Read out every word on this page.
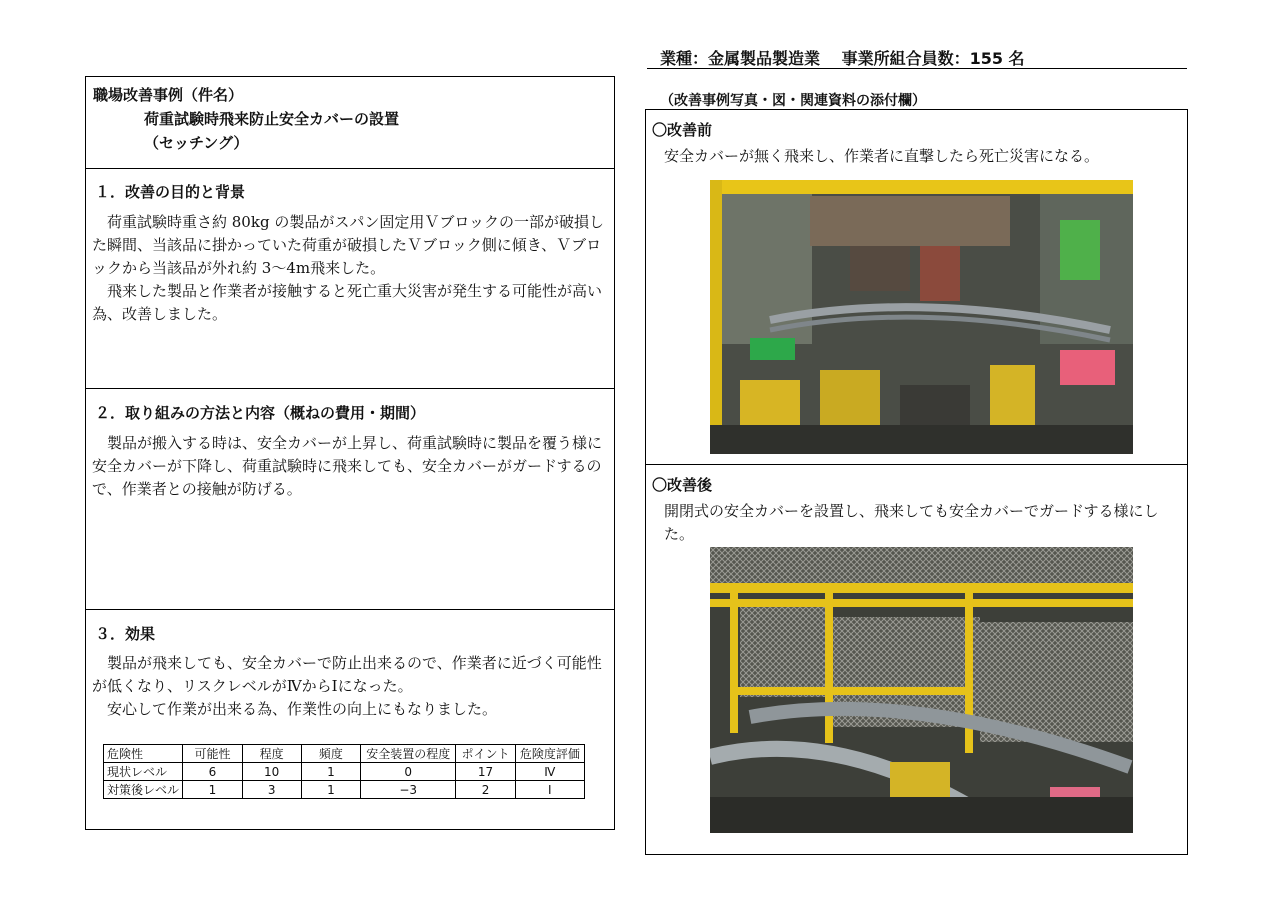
業種：金属製品製造業　 事業所組合員数：155 名
職場改善事例（件名）
荷重試験時飛来防止安全カバーの設置
（セッチング）
１．改善の目的と背景

荷重試験時重さ約 80kg の製品がスパン固定用Ｖブロックの一部が破損した瞬間、当該品に掛かっていた荷重が破損したＶブロック側に傾き、Ｖブロックから当該品が外れ約 3〜4m飛来した。

飛来した製品と作業者が接触すると死亡重大災害が発生する可能性が高い為、改善しました。

２．取り組みの方法と内容（概ねの費用・期間）

製品が搬入する時は、安全カバーが上昇し、荷重試験時に製品を覆う様に安全カバーが下降し、荷重試験時に飛来しても、安全カバーがガードするので、作業者との接触が防げる。

３．効果

製品が飛来しても、安全カバーで防止出来るので、作業者に近づく可能性が低くなり、リスクレベルがⅣからⅠになった。

安心して作業が出来る為、作業性の向上にもなりました。

危険性	可能性	程度	頻度	安全装置の程度	ポイント	危険度評価
現状レベル	6	10	1	0	17	Ⅳ
対策後レベル	1	3	1	−3	2	Ⅰ
（改善事例写真・図・関連資料の添付欄）
〇改善前
安全カバーが無く飛来し、作業者に直撃したら死亡災害になる。
〇改善後
開閉式の安全カバーを設置し、飛来しても安全カバーでガードする様にした。
